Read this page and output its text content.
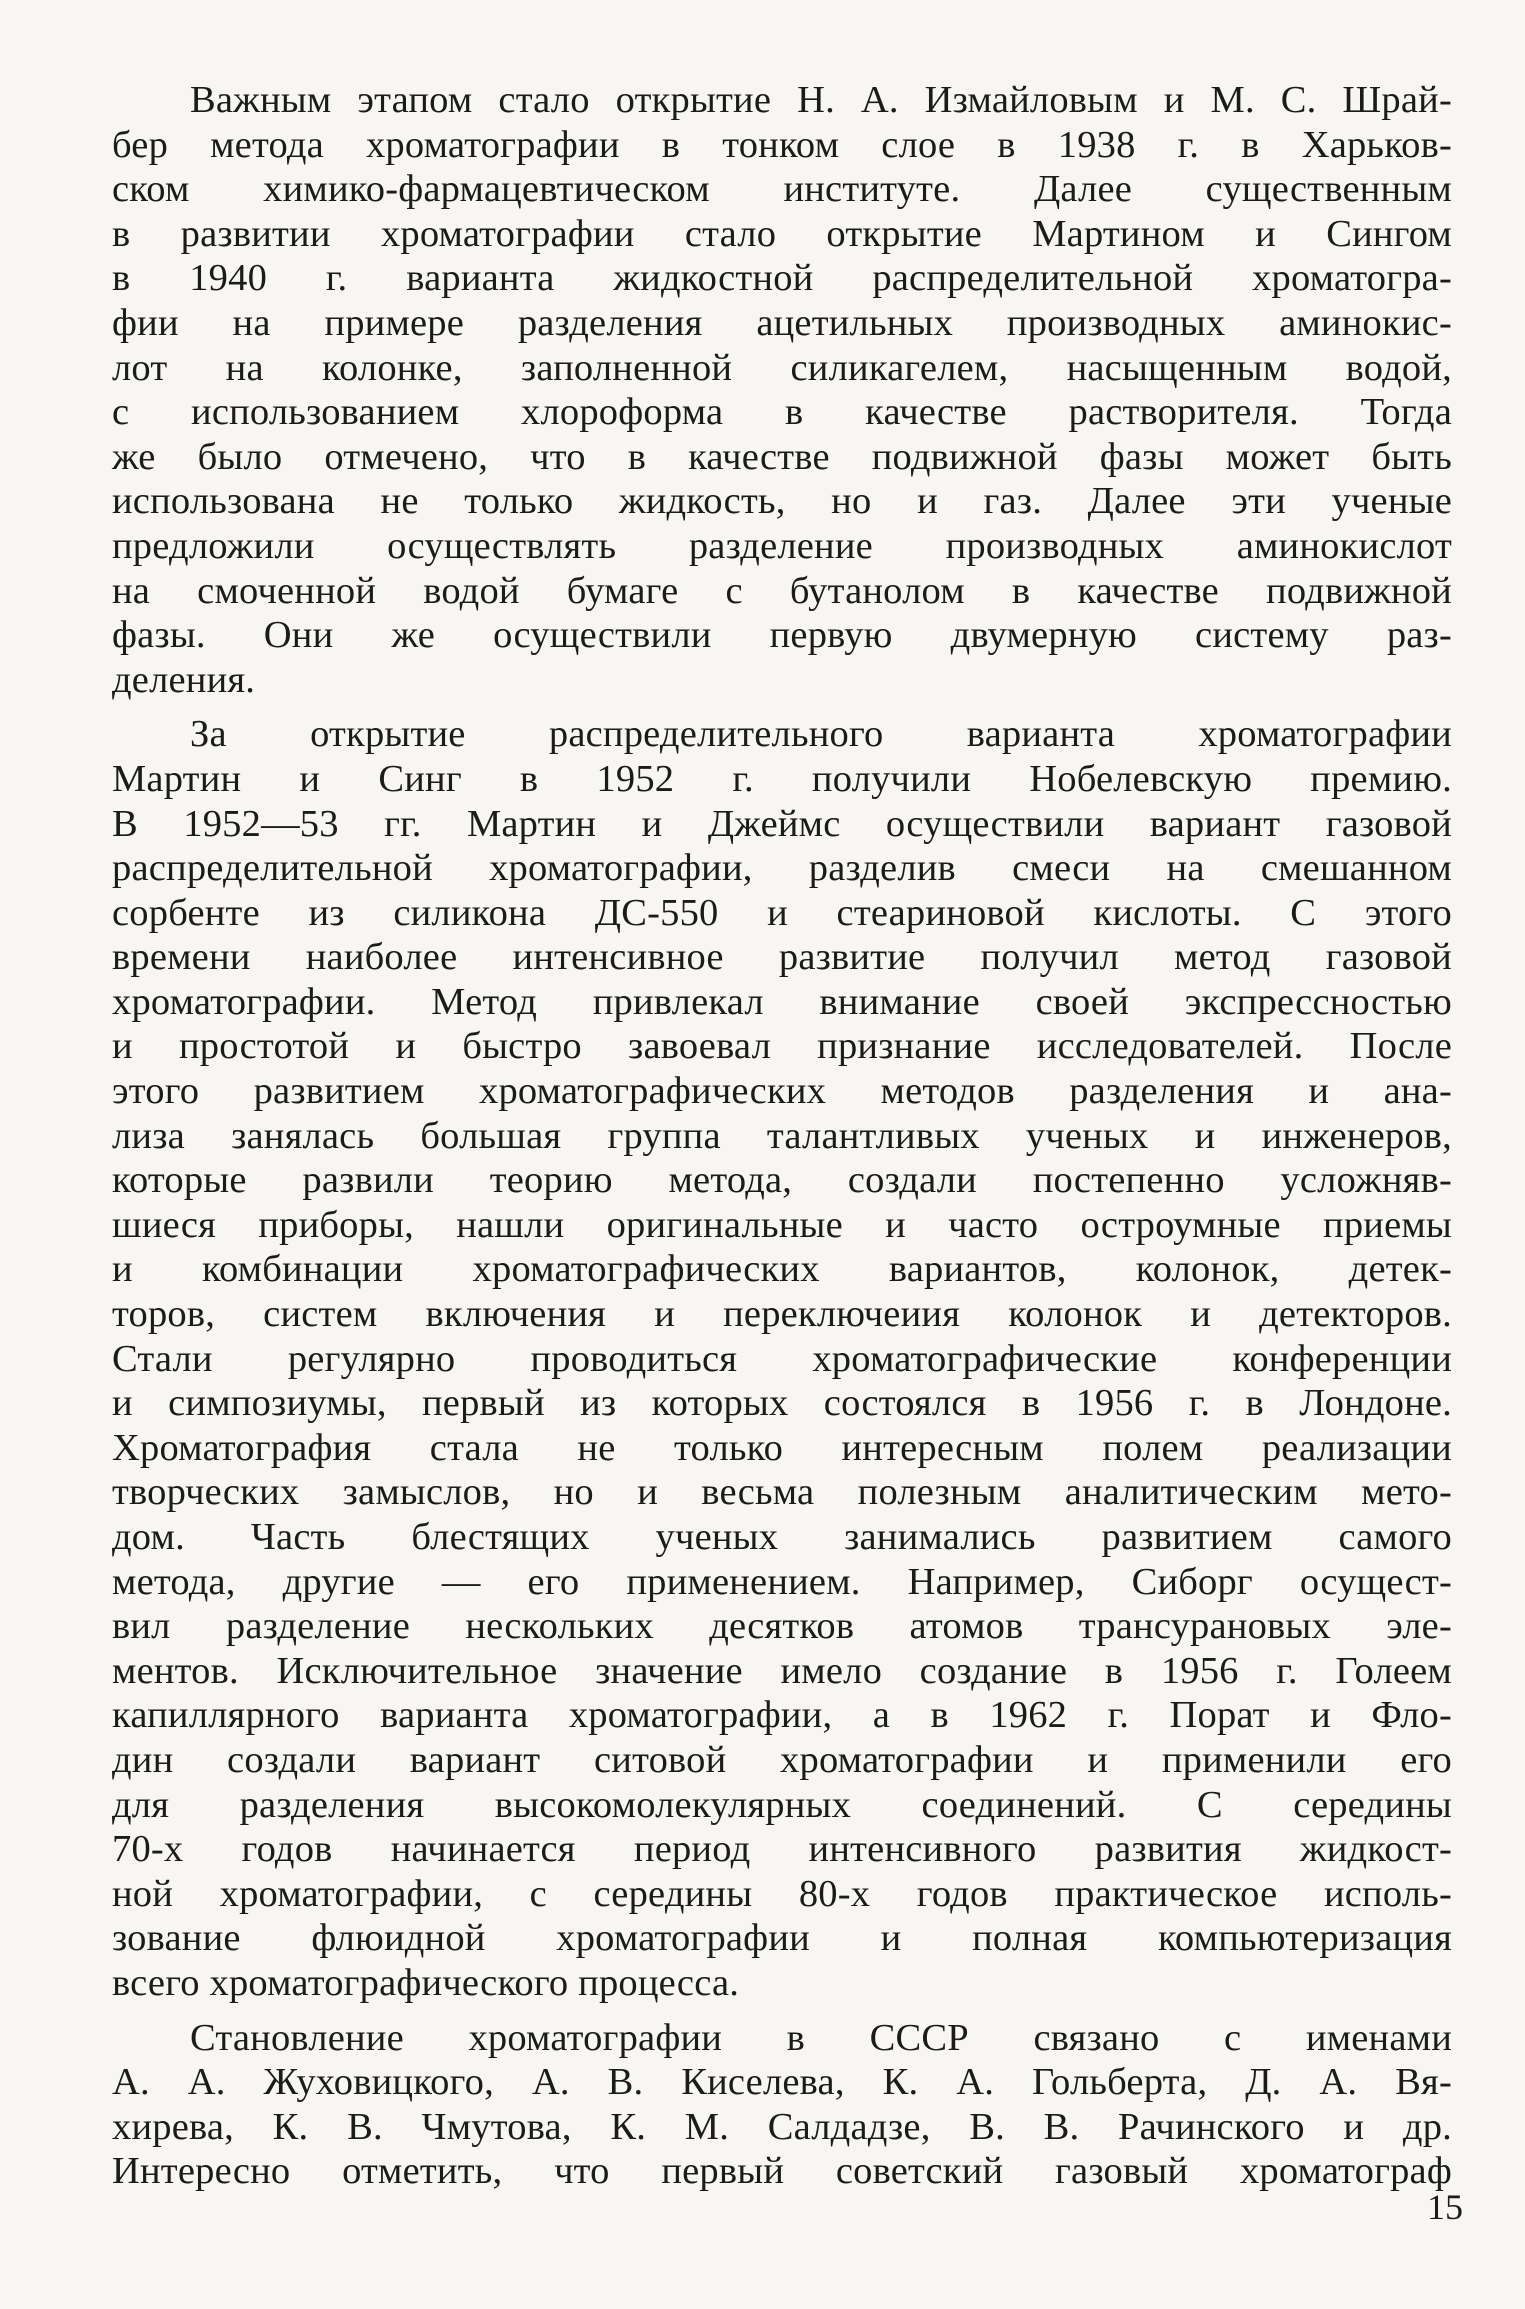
Важным этапом стало открытие Н. А. Измайловым и М. С. Шрай-
бер метода хроматографии в тонком слое в 1938 г. в Харьков-
ском химико-фармацевтическом институте. Далее существенным
в развитии хроматографии стало открытие Мартином и Сингом
в 1940 г. варианта жидкостной распределительной хроматогра-
фии на примере разделения ацетильных производных аминокис-
лот на колонке, заполненной силикагелем, насыщенным водой,
с использованием хлороформа в качестве растворителя. Тогда
же было отмечено, что в качестве подвижной фазы может быть
использована не только жидкость, но и газ. Далее эти ученые
предложили осуществлять разделение производных аминокислот
на смоченной водой бумаге с бутанолом в качестве подвижной
фазы. Они же осуществили первую двумерную систему раз-
деления.
За открытие распределительного варианта хроматографии
Мартин и Синг в 1952 г. получили Нобелевскую премию.
В 1952—53 гг. Мартин и Джеймс осуществили вариант газовой
распределительной хроматографии, разделив смеси на смешанном
сорбенте из силикона ДС-550 и стеариновой кислоты. С этого
времени наиболее интенсивное развитие получил метод газовой
хроматографии. Метод привлекал внимание своей экспрессностью
и простотой и быстро завоевал признание исследователей. После
этого развитием хроматографических методов разделения и ана-
лиза занялась большая группа талантливых ученых и инженеров,
которые развили теорию метода, создали постепенно усложняв-
шиеся приборы, нашли оригинальные и часто остроумные приемы
и комбинации хроматографических вариантов, колонок, детек-
торов, систем включения и переключеиия колонок и детекторов.
Стали регулярно проводиться хроматографические конференции
и симпозиумы, первый из которых состоялся в 1956 г. в Лондоне.
Хроматография стала не только интересным полем реализации
творческих замыслов, но и весьма полезным аналитическим мето-
дом. Часть блестящих ученых занимались развитием самого
метода, другие — его применением. Например, Сиборг осущест-
вил разделение нескольких десятков атомов трансурановых эле-
ментов. Исключительное значение имело создание в 1956 г. Голеем
капиллярного варианта хроматографии, а в 1962 г. Порат и Фло-
дин создали вариант ситовой хроматографии и применили его
для разделения высокомолекулярных соединений. С середины
70-х годов начинается период интенсивного развития жидкост-
ной хроматографии, с середины 80-х годов практическое исполь-
зование флюидной хроматографии и полная компьютеризация
всего хроматографического процесса.
Становление хроматографии в СССР связано с именами
А. А. Жуховицкого, А. В. Киселева, К. А. Гольберта, Д. А. Вя-
хирева, К. В. Чмутова, К. М. Салдадзе, В. В. Рачинского и др.
Интересно отметить, что первый советский газовый хроматограф
15
